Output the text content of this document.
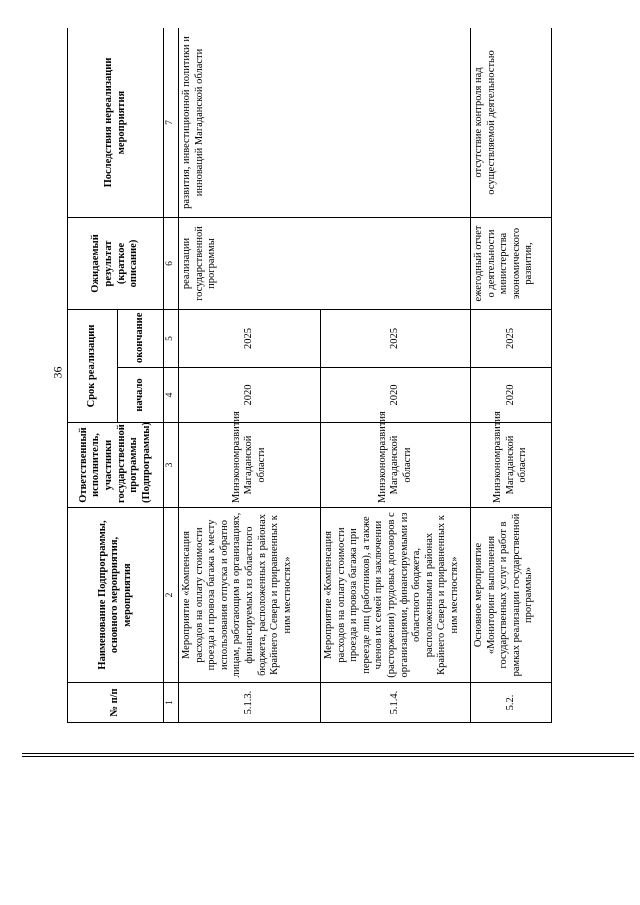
36
№ п/п	Наименование Подпрограммы, основного мероприятия, мероприятия	Ответственный исполнитель, участники государственной программы (Подпрограммы)	Срок реализации		Ожидаемый результат (краткое описание)	Последствия нереализации мероприятия
			начало	окончание		
1	2	3	4	5	6	7
5.1.3.	Мероприятие «Компенсация расходов на оплату стоимости проезда и провоза багажа к месту использования отпуска и обратно лицам, работающим в организациях, финансируемых из областного бюджета, расположенных в районах Крайнего Севера и приравненных к ним местностях»	Минэкономразвития Магаданской области	2020	2025	реализации государственной программы	развития, инвестиционной политики и инноваций Магаданской области
5.1.4.	Мероприятие «Компенсация расходов на оплату стоимости проезда и провоза багажа при переезде лиц (работников), а также членов их семей при заключении (расторжении) трудовых договоров с организациями, финансируемыми из областного бюджета, расположенными в районах Крайнего Севера и приравненных к ним местностях»	Минэкономразвития Магаданской области	2020	2025		
5.2.	Основное мероприятие «Мониторинг выполнения государственных услуг и работ в рамках реализации государственной программы»	Минэкономразвития Магаданской области	2020	2025	ежегодный отчет о деятельности министерства экономического развития,	отсутствие контроля над осуществляемой деятельностью
